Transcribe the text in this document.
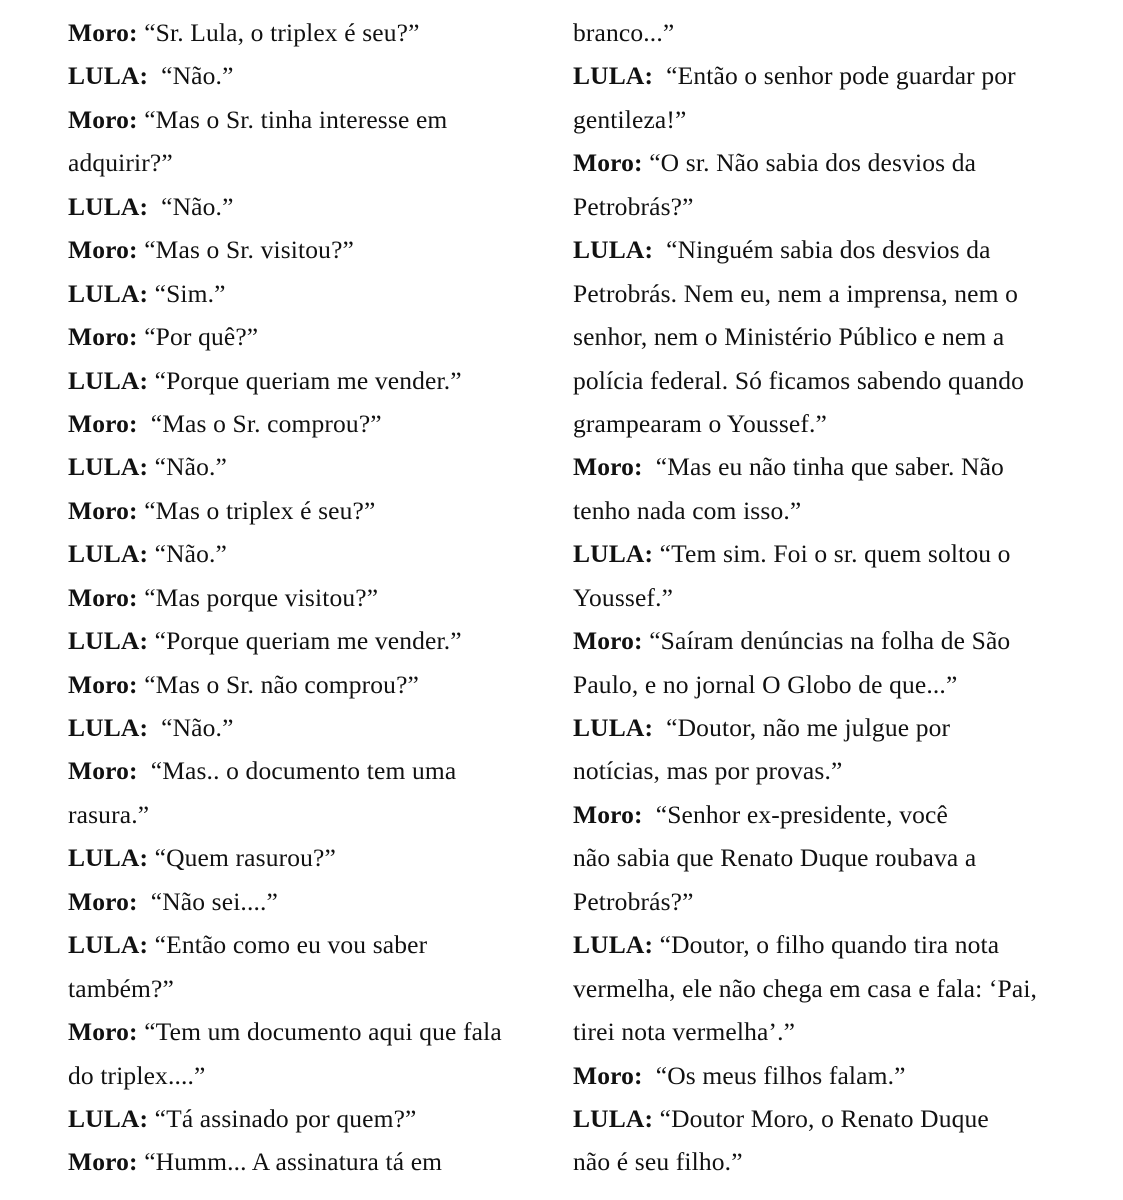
Moro: “Sr. Lula, o triplex é seu?”
LULA:  “Não.”
Moro: “Mas o Sr. tinha interesse em
adquirir?”
LULA:  “Não.”
Moro: “Mas o Sr. visitou?”
LULA: “Sim.”
Moro: “Por quê?”
LULA: “Porque queriam me vender.”
Moro:  “Mas o Sr. comprou?”
LULA: “Não.”
Moro: “Mas o triplex é seu?”
LULA: “Não.”
Moro: “Mas porque visitou?”
LULA: “Porque queriam me vender.”
Moro: “Mas o Sr. não comprou?”
LULA:  “Não.”
Moro:  “Mas.. o documento tem uma
rasura.”
LULA: “Quem rasurou?”
Moro:  “Não sei....”
LULA: “Então como eu vou saber
também?”
Moro: “Tem um documento aqui que fala
do triplex....”
LULA: “Tá assinado por quem?”
Moro: “Humm... A assinatura tá em
branco...”
LULA:  “Então o senhor pode guardar por
gentileza!”
Moro: “O sr. Não sabia dos desvios da
Petrobrás?”
LULA:  “Ninguém sabia dos desvios da
Petrobrás. Nem eu, nem a imprensa, nem o
senhor, nem o Ministério Público e nem a
polícia federal. Só ficamos sabendo quando
grampearam o Youssef.”
Moro:  “Mas eu não tinha que saber. Não
tenho nada com isso.”
LULA: “Tem sim. Foi o sr. quem soltou o
Youssef.”
Moro: “Saíram denúncias na folha de São
Paulo, e no jornal O Globo de que...”
LULA:  “Doutor, não me julgue por
notícias, mas por provas.”
Moro:  “Senhor ex-presidente, você
não sabia que Renato Duque roubava a
Petrobrás?”
LULA: “Doutor, o filho quando tira nota
vermelha, ele não chega em casa e fala: ‘Pai,
tirei nota vermelha’.”
Moro:  “Os meus filhos falam.”
LULA: “Doutor Moro, o Renato Duque
não é seu filho.”
